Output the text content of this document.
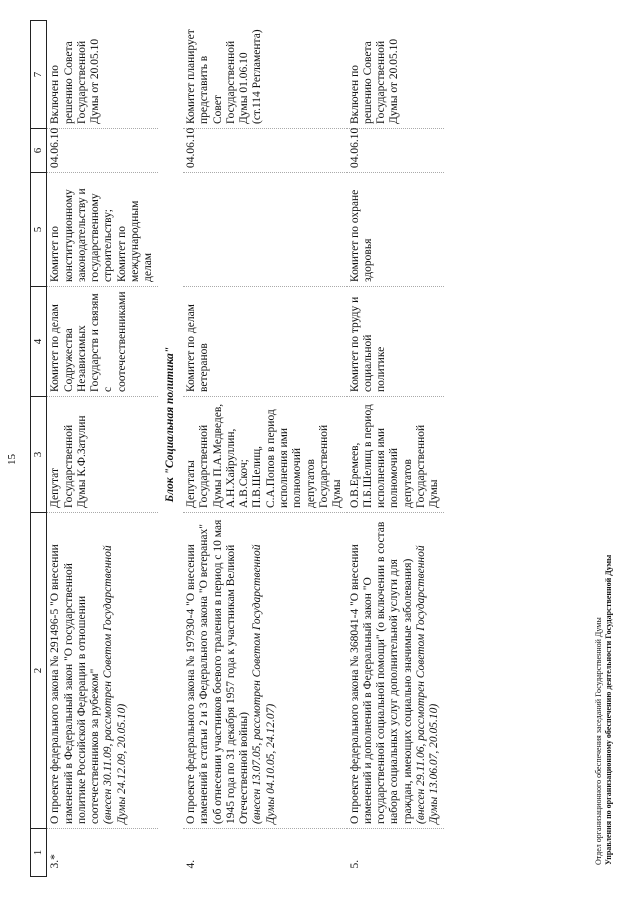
15
1	2	3	4	5	6	7
3.*	О проекте федерального закона № 291496-5 "О внесении изменений в Федеральный закон "О государственной политике Российской Федерации в отношении соотечественников за рубежом" (внесен 30.11.09, рассмотрен Советом Государственной Думы 24.12.09, 20.05.10)	Депутат Государственной Думы К.Ф.Затулин	Комитет по делам Содружества Независимых Государств и связям с соотечественниками	Комитет по конституционному законодательству и государственному строительству; Комитет по международным делам	04.06.10	Включен по решению Совета Государственной Думы от 20.05.10
	Блок "Социальная политика"					
4.	О проекте федерального закона № 197930-4 "О внесении изменений в статьи 2 и 3 Федерального закона "О ветеранах" (об отнесении участников боевого траления в период с 10 мая 1945 года по 31 декабря 1957 года к участникам Великой Отечественной войны) (внесен 13.07.05, рассмотрен Советом Государственной Думы 04.10.05, 24.12.07)	Депутаты Государственной Думы П.А.Медведев, А.Н.Хайруллин, А.В.Скоч; П.В.Шелищ, С.А.Попов в период исполнения ими полномочий депутатов Государственной Думы	Комитет по делам ветеранов		04.06.10	Комитет планирует представить в Совет Государственной Думы 01.06.10 (ст.114 Регламента)
5.	О проекте федерального закона № 368041-4 "О внесении изменений и дополнений в Федеральный закон "О государственной социальной помощи" (о включении в состав набора социальных услуг дополнительной услуги для граждан, имеющих социально значимые заболевания) (внесен 29.11.06, рассмотрен Советом Государственной Думы 13.06.07, 20.05.10)	О.В.Еремеев, П.Б.Шелищ в период исполнения ими полномочий депутатов Государственной Думы	Комитет по труду и социальной политике	Комитет по охране здоровья	04.06.10	Включен по решению Совета Государственной Думы от 20.05.10
Отдел организационного обеспечения заседаний Государственной Думы Управления по организационному обеспечению деятельности Государственной Думы
